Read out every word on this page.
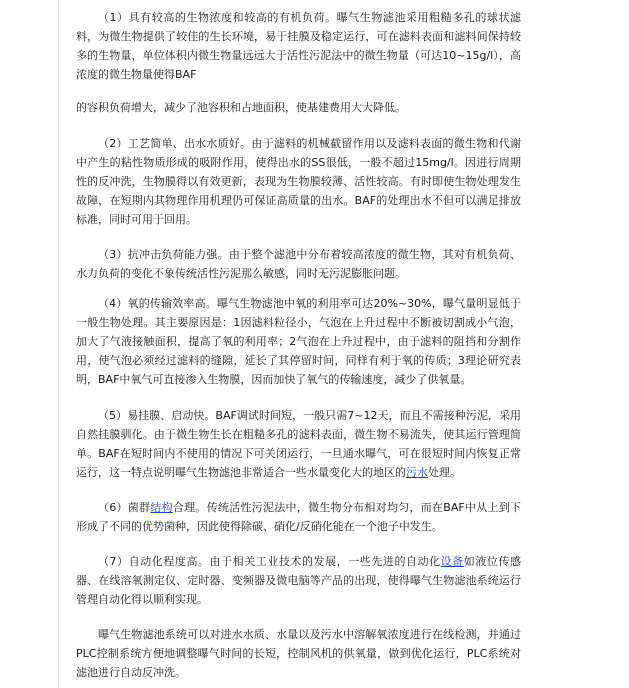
（1）具有较高的生物浓度和较高的有机负荷。曝气生物滤池采用粗糙多孔的球状滤料，为微生物提供了较佳的生长环境，易于挂膜及稳定运行，可在滤料表面和滤料间保持较多的生物量，单位体积内微生物量远远大于活性污泥法中的微生物量（可达10~15g/l），高浓度的微生物量使得BAF

的容积负荷增大，减少了池容积和占地面积，使基建费用大大降低。

（2）工艺简单、出水水质好。由于滤料的机械截留作用以及滤料表面的微生物和代谢中产生的粘性物质形成的吸附作用，使得出水的SS很低，一般不超过15mg/l。因进行周期性的反冲洗，生物膜得以有效更新，表现为生物膜较薄、活性较高。有时即使生物处理发生故障，在短期内其物理作用机理仍可保证高质量的出水。BAF的处理出水不但可以满足排放标准，同时可用于回用。

（3）抗冲击负荷能力强。由于整个滤池中分布着较高浓度的微生物，其对有机负荷、水力负荷的变化不象传统活性污泥那么敏感，同时无污泥膨胀问题。

（4）氧的传输效率高。曝气生物滤池中氧的利用率可达20%~30%，曝气量明显低于一般生物处理。其主要原因是：1因滤料粒径小，气泡在上升过程中不断被切割成小气泡，加大了气液接触面积，提高了氧的利用率；2气泡在上升过程中，由于滤料的阻挡和分割作用，使气泡必须经过滤料的缝隙，延长了其停留时间，同样有利于氧的传质；3理论研究表明，BAF中氧气可直接渗入生物膜，因而加快了氧气的传输速度，减少了供氧量。

（5）易挂膜、启动快。BAF调试时间短，一般只需7~12天，而且不需接种污泥，采用自然挂膜驯化。由于微生物生长在粗糙多孔的滤料表面，微生物不易流失，使其运行管理简单。BAF在短时间内不使用的情况下可关闭运行，一旦通水曝气，可在很短时间内恢复正常运行，这一特点说明曝气生物滤池非常适合一些水量变化大的地区的污水处理。

（6）菌群结构合理。传统活性污泥法中，微生物分布相对均匀，而在BAF中从上到下形成了不同的优势菌种，因此使得除碳、硝化/反硝化能在一个池子中发生。

（7）自动化程度高。由于相关工业技术的发展，一些先进的自动化设备如液位传感器、在线溶氧测定仪、定时器、变频器及微电脑等产品的出现，使得曝气生物滤池系统运行管理自动化得以顺利实现。

曝气生物滤池系统可以对进水水质、水量以及污水中溶解氧浓度进行在线检测，并通过PLC控制系统方便地调整曝气时间的长短，控制风机的供氧量，做到优化运行，PLC系统对滤池进行自动反冲洗。
